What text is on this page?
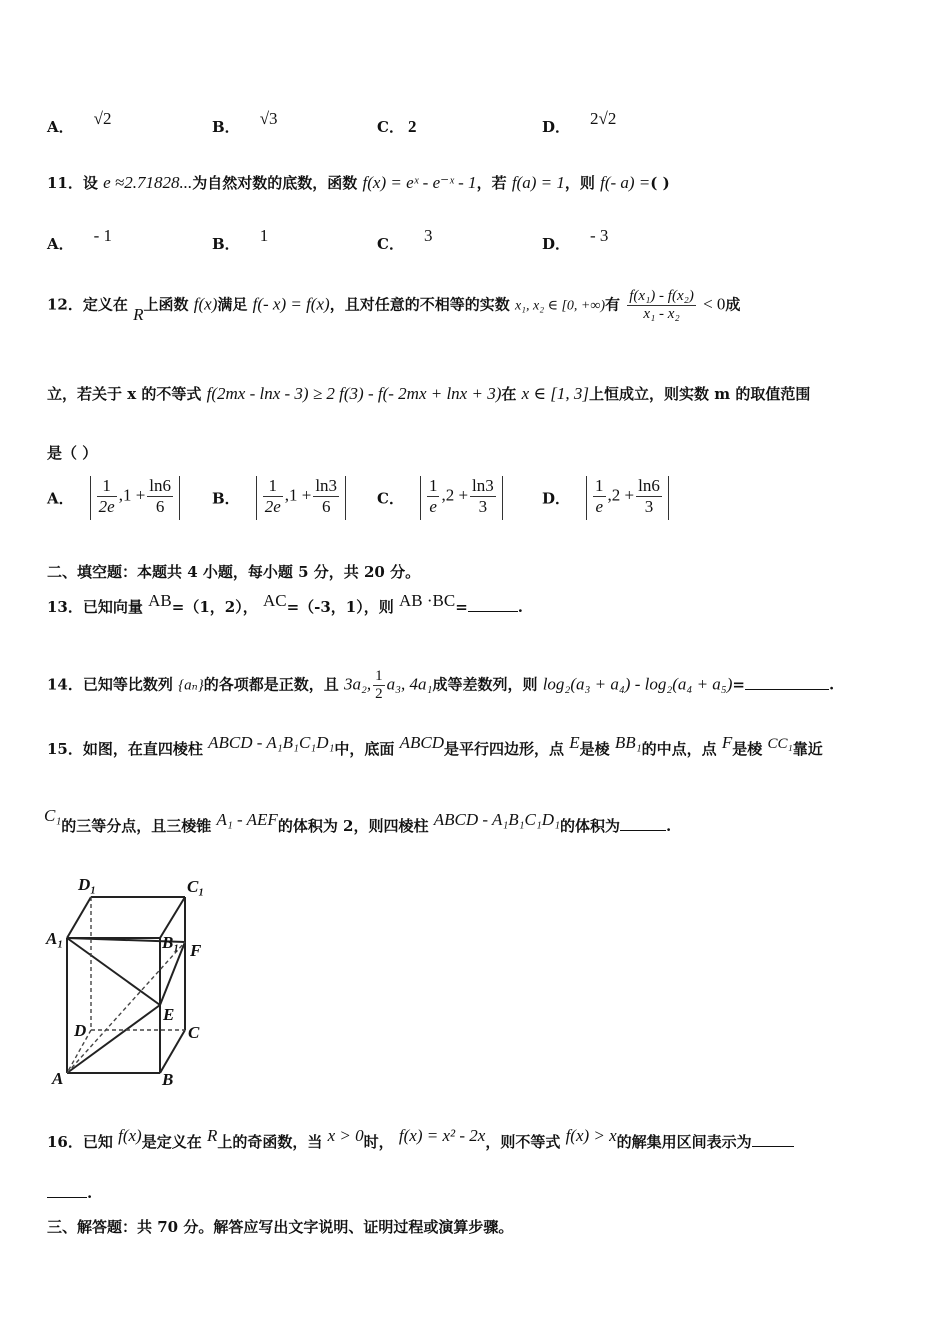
A． √2	B． √3	C． 2	D． 2√2
11．设 e ≈2.71828...为自然对数的底数，函数 f(x) = eˣ - e⁻ˣ - 1，若 f(a) = 1，则 f(- a) =( )
A． - 1	B． 1	C． 3	D． - 3
12．定义在 R上函数 f(x)满足 f(- x) = f(x)，且对任意的不相等的实数 x₁, x₂ ∈ [0, +∞)有 $\frac{\text{f(x₁) - f(x₂)}}{\text{x₁ - x₂}} < 0$成
立，若关于 x 的不等式 f(2mx - lnx - 3) ≥ 2 f(3) - f(- 2mx + lnx + 3)在 x ∈ [1, 3]上恒成立，则实数 m 的取值范围
是（ ）
A． $\frac{1}{2e} ,1 + \frac{\ln 6}{6}$	B． $\frac{1}{2e} ,1 + \frac{\ln 3}{6}$	C． $\frac{1}{e} ,2 + \frac{\ln 3}{3}$	D． $\frac{1}{e} ,2 + \frac{\ln 6}{3}$
二、填空题：本题共 4 小题，每小题 5 分，共 20 分。
13．已知向量 AB=（1，2）， AC=（-3，1），则 AB ·BC=	.
14．已知等比数列 {aₙ}的各项都是正数，且 3a₂, $\frac{1}{2} a_3$, 4a₁成等差数列，则 log₂(a₃ + a₄) - log₂(a₄ + a₅)=	.
15．如图，在直四棱柱 ABCD - A₁B₁C₁D₁中，底面 ABCD是平行四边形，点 E是棱 BB₁的中点，点 F是棱 CC₁靠近
C₁的三等分点，且三棱锥 A₁ - AEF的体积为 2，则四棱柱 ABCD - A₁B₁C₁D₁的体积为	.
D₁	C₁
A₁	B₁ F
E
D	C
A	B
16．已知 f(x)是定义在 R上的奇函数，当 x > 0时， f(x) = x² - 2x，则不等式 f(x) > x的解集用区间表示为
.
三、解答题：共 70 分。解答应写出文字说明、证明过程或演算步骤。
